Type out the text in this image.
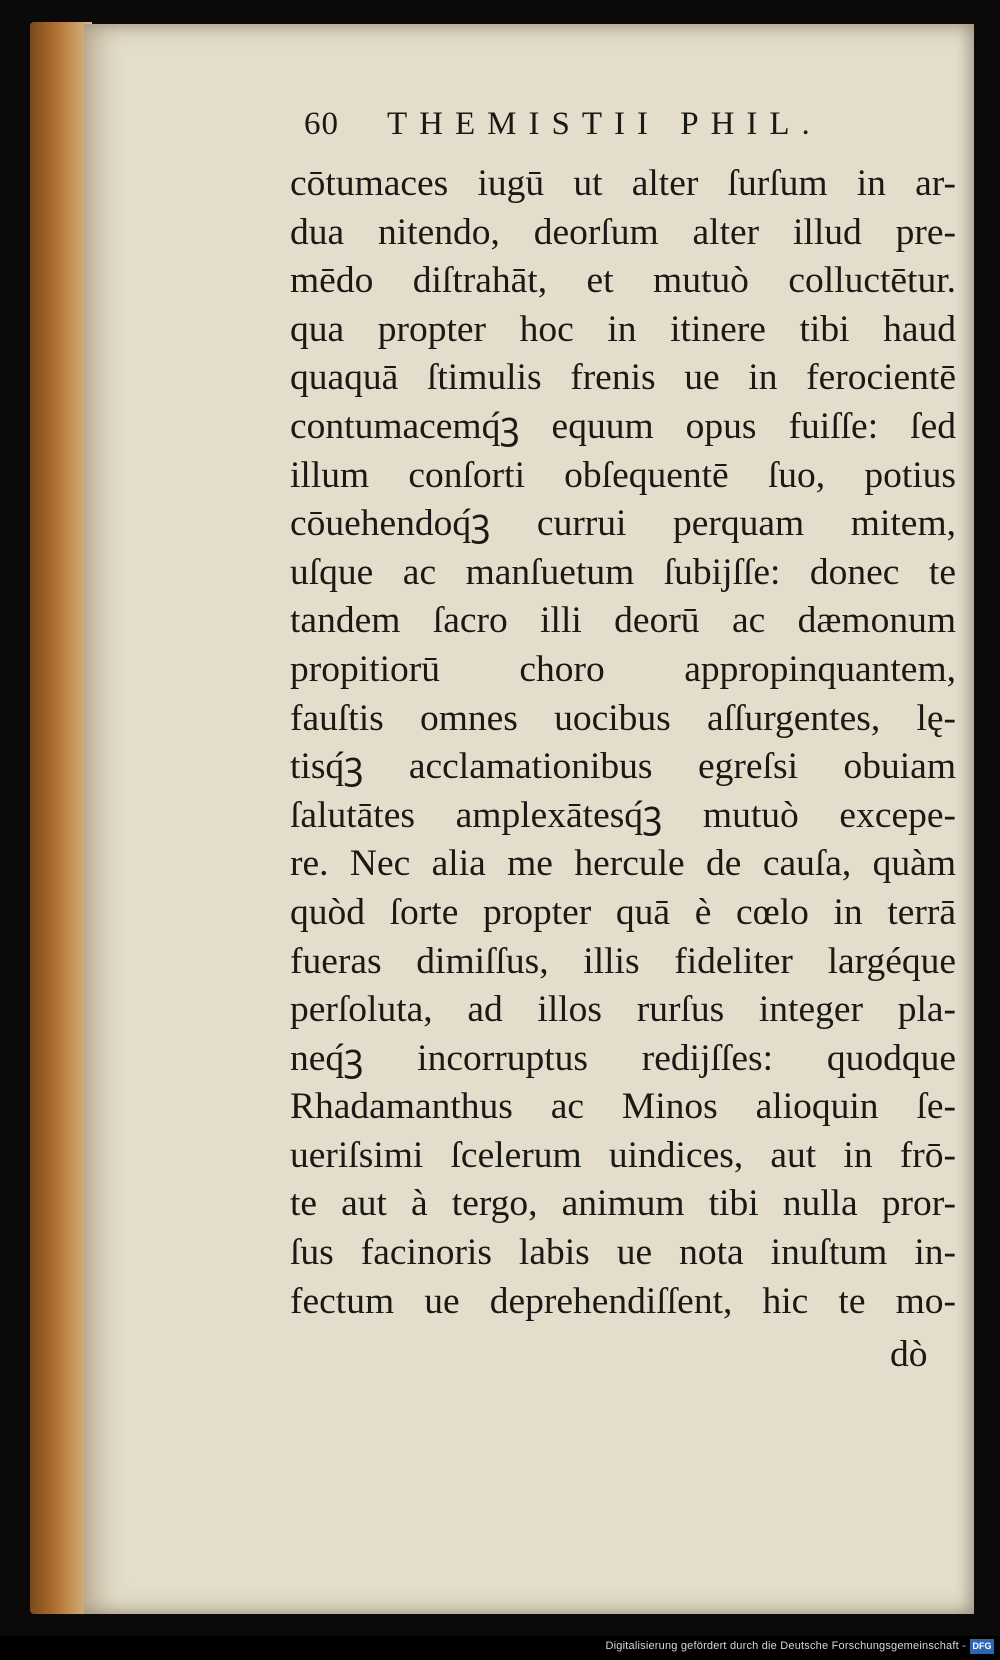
60 THEMISTII PHIL.
cōtumaces iugū ut alter ſurſum in ar-
dua nitendo, deorſum alter illud pre-
mēdo diſtrahāt, et mutuò colluctētur.
qua propter hoc in itinere tibi haud
quaquā ſtimulis frenis ue in ferocientē
contumacemq́ꝫ equum opus fuiſſe: ſed
illum conſorti obſequentē ſuo, potius
cōuehendoq́ꝫ currui perquam mitem,
uſque ac manſuetum ſubijſſe: donec te
tandem ſacro illi deorū ac dæmonum
propitiorū choro appropinquantem,
fauſtis omnes uocibus aſſurgentes, lę-
tisq́ꝫ acclamationibus egreſsi obuiam
ſalutātes amplexātesq́ꝫ mutuò excepe-
re. Nec alia me hercule de cauſa, quàm
quòd ſorte propter quā è cœlo in terrā
fueras dimiſſus, illis fideliter largéque
perſoluta, ad illos rurſus integer pla-
neq́ꝫ incorruptus redijſſes: quodque
Rhadamanthus ac Minos alioquin ſe-
ueriſsimi ſcelerum uindices, aut in frō-
te aut à tergo, animum tibi nulla pror-
ſus facinoris labis ue nota inuſtum in-
fectum ue deprehendiſſent, hic te mo-
dò
Digitalisierung gefördert durch die Deutsche Forschungsgemeinschaft - DFG
